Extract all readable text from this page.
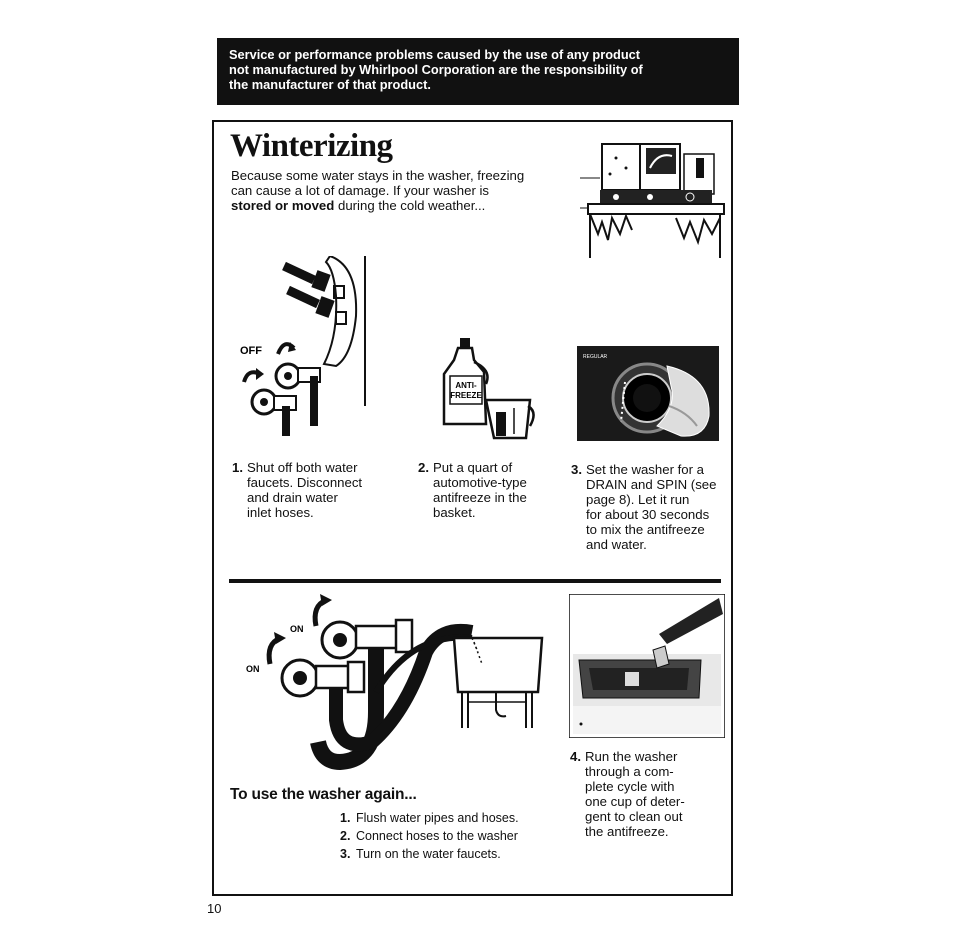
Service or performance problems caused by the use of any product
not manufactured by Whirlpool Corporation are the responsibility of
the manufacturer of that product.
Winterizing
Because some water stays in the washer, freezing
can cause a lot of damage. If your washer is
stored or moved during the cold weather...
OFF
ANTI-
FREEZE
REGULAR
1. Shut off both water
faucets. Disconnect
and drain water
inlet hoses.
2. Put a quart of
automotive-type
antifreeze in the
basket.
3. Set the washer for a
DRAIN and SPIN (see
page 8). Let it run
for about 30 seconds
to mix the antifreeze
and water.
ON
ON
4. Run the washer
through a com-
plete cycle with
one cup of deter-
gent to clean out
the antifreeze.
To use the washer again...
1. Flush water pipes and hoses.
2. Connect hoses to the washer
3. Turn on the water faucets.
10
